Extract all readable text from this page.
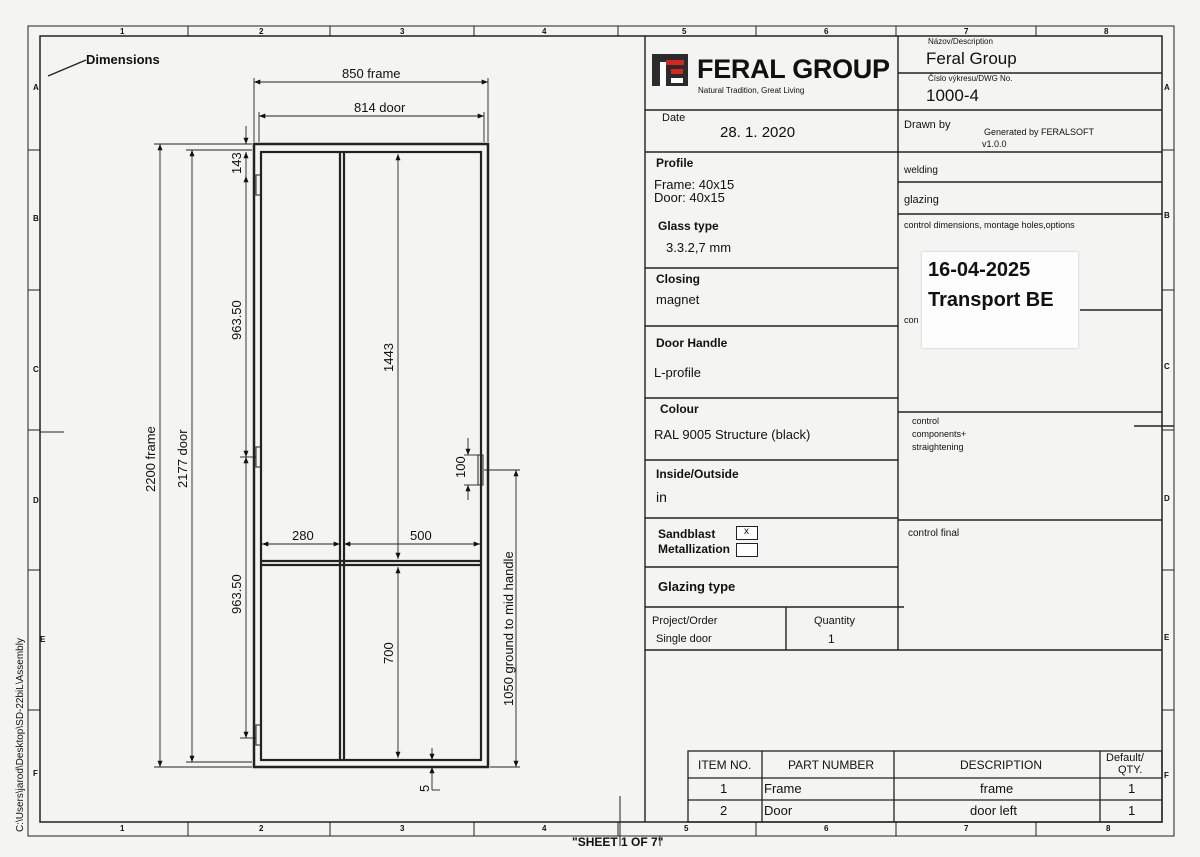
1	2	3	4	5	6	7	8
1	2	3	4	5	6	7	8
A
B
C
D
E
F
A
B
C
D
E
F
C:\Users\jarod\Desktop\SD-22biL\Assembly
"SHEET 1 OF 7"
Dimensions
850 frame
814 door
280	500
2200 frame 2177 door
143
963.50
963.50
1443
700
100
1050 ground to mid handle
5
FERAL GROUP
Natural Tradition, Great Living
Názov/Description
Feral Group
Číslo výkresu/DWG No.
1000-4
Date
28. 1. 2020	Drawn by
Generated by FERALSOFT
v1.0.0
Profile
Frame: 40x15
Door: 40x15
Glass type
3.3.2,7 mm
Closing
magnet
Door Handle
L-profile
Colour
RAL 9005 Structure (black)
Inside/Outside
in
Sandblast	x
Metallization
Glazing type
Project/Order
Single door
Quantity
1
welding
glazing
control dimensions, montage holes,options
con
16-04-2025
Transport BE
control
components+
straightening
control final
ITEM NO.	PART NUMBER	DESCRIPTION	Default/
QTY.
1	Frame	frame	1
2	Door	door left	1
